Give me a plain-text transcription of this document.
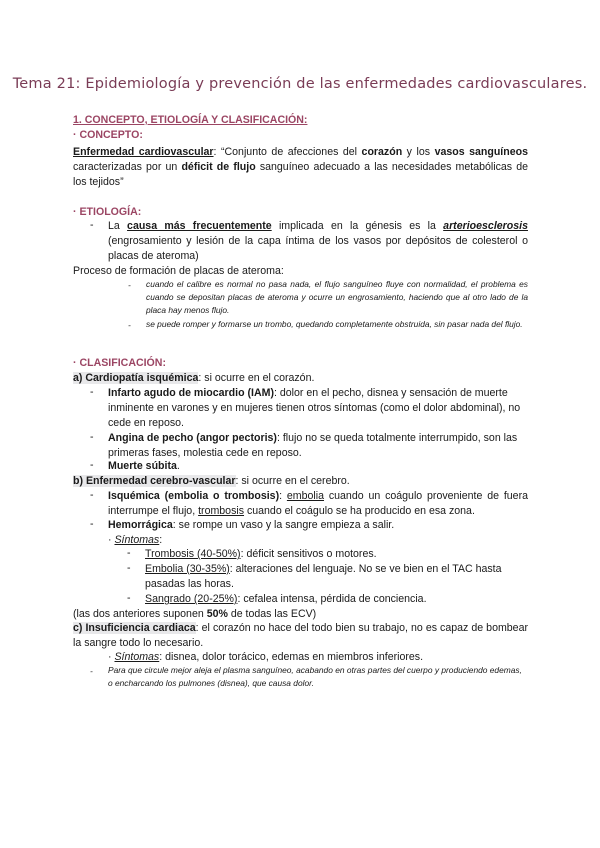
Tema 21: Epidemiología y prevención de las enfermedades cardiovasculares.
1. CONCEPTO, ETIOLOGÍA Y CLASIFICACIÓN:
· CONCEPTO:
Enfermedad cardiovascular: “Conjunto de afecciones del corazón y los vasos sanguíneos caracterizadas por un déficit de flujo sanguíneo adecuado a las necesidades metabólicas de los tejidos”
· ETIOLOGÍA:
- La causa más frecuentemente implicada en la génesis es la arterioesclerosis (engrosamiento y lesión de la capa íntima de los vasos por depósitos de colesterol o placas de ateroma)
Proceso de formación de placas de ateroma:
- cuando el calibre es normal no pasa nada, el flujo sanguíneo fluye con normalidad, el problema es cuando se depositan placas de ateroma y ocurre un engrosamiento, haciendo que al otro lado de la placa hay menos flujo.
- se puede romper y formarse un trombo, quedando completamente obstruida, sin pasar nada del flujo.
· CLASIFICACIÓN:
a) Cardiopatía isquémica: si ocurre en el corazón.
- Infarto agudo de miocardio (IAM): dolor en el pecho, disnea y sensación de muerte inminente en varones y en mujeres tienen otros síntomas (como el dolor abdominal), no cede en reposo.
- Angina de pecho (angor pectoris): flujo no se queda totalmente interrumpido, son las primeras fases, molestia cede en reposo.
- Muerte súbita.
b) Enfermedad cerebro-vascular: si ocurre en el cerebro.
- Isquémica (embolia o trombosis): embolia cuando un coágulo proveniente de fuera interrumpe el flujo, trombosis cuando el coágulo se ha producido en esa zona.
- Hemorrágica: se rompe un vaso y la sangre empieza a salir.
· Síntomas:
- Trombosis (40-50%): déficit sensitivos o motores.
- Embolia (30-35%): alteraciones del lenguaje. No se ve bien en el TAC hasta pasadas las horas.
- Sangrado (20-25%): cefalea intensa, pérdida de conciencia.
(las dos anteriores suponen 50% de todas las ECV)
c) Insuficiencia cardiaca: el corazón no hace del todo bien su trabajo, no es capaz de bombear la sangre todo lo necesario.
· Síntomas: disnea, dolor torácico, edemas en miembros inferiores.
- Para que circule mejor aleja el plasma sanguíneo, acabando en otras partes del cuerpo y produciendo edemas, o encharcando los pulmones (disnea), que causa dolor.
